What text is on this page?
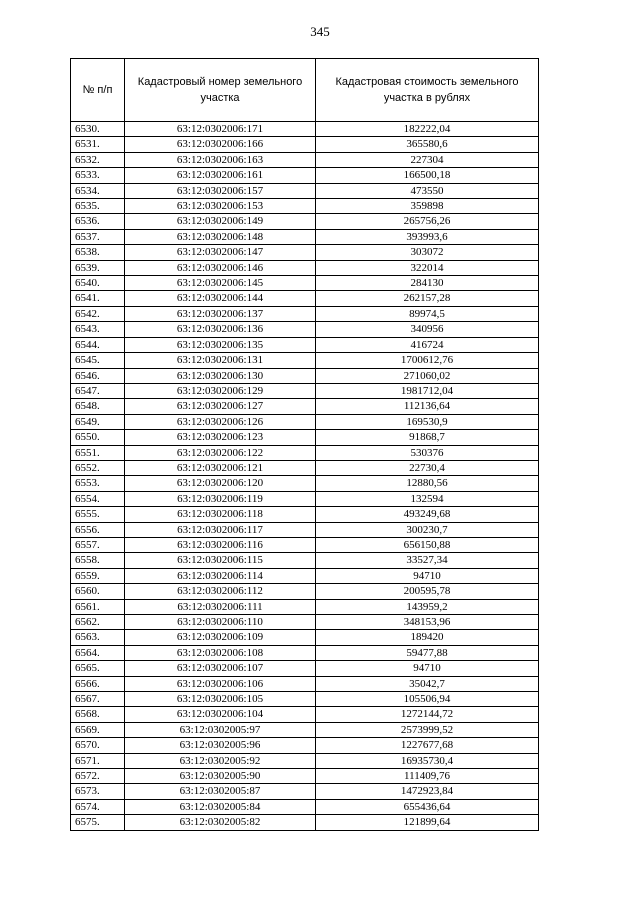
345
№ п/п	Кадастровый номер земельного участка	Кадастровая стоимость земельного участка в рублях
6530.	63:12:0302006:171	182222,04
6531.	63:12:0302006:166	365580,6
6532.	63:12:0302006:163	227304
6533.	63:12:0302006:161	166500,18
6534.	63:12:0302006:157	473550
6535.	63:12:0302006:153	359898
6536.	63:12:0302006:149	265756,26
6537.	63:12:0302006:148	393993,6
6538.	63:12:0302006:147	303072
6539.	63:12:0302006:146	322014
6540.	63:12:0302006:145	284130
6541.	63:12:0302006:144	262157,28
6542.	63:12:0302006:137	89974,5
6543.	63:12:0302006:136	340956
6544.	63:12:0302006:135	416724
6545.	63:12:0302006:131	1700612,76
6546.	63:12:0302006:130	271060,02
6547.	63:12:0302006:129	1981712,04
6548.	63:12:0302006:127	112136,64
6549.	63:12:0302006:126	169530,9
6550.	63:12:0302006:123	91868,7
6551.	63:12:0302006:122	530376
6552.	63:12:0302006:121	22730,4
6553.	63:12:0302006:120	12880,56
6554.	63:12:0302006:119	132594
6555.	63:12:0302006:118	493249,68
6556.	63:12:0302006:117	300230,7
6557.	63:12:0302006:116	656150,88
6558.	63:12:0302006:115	33527,34
6559.	63:12:0302006:114	94710
6560.	63:12:0302006:112	200595,78
6561.	63:12:0302006:111	143959,2
6562.	63:12:0302006:110	348153,96
6563.	63:12:0302006:109	189420
6564.	63:12:0302006:108	59477,88
6565.	63:12:0302006:107	94710
6566.	63:12:0302006:106	35042,7
6567.	63:12:0302006:105	105506,94
6568.	63:12:0302006:104	1272144,72
6569.	63:12:0302005:97	2573999,52
6570.	63:12:0302005:96	1227677,68
6571.	63:12:0302005:92	16935730,4
6572.	63:12:0302005:90	111409,76
6573.	63:12:0302005:87	1472923,84
6574.	63:12:0302005:84	655436,64
6575.	63:12:0302005:82	121899,64
